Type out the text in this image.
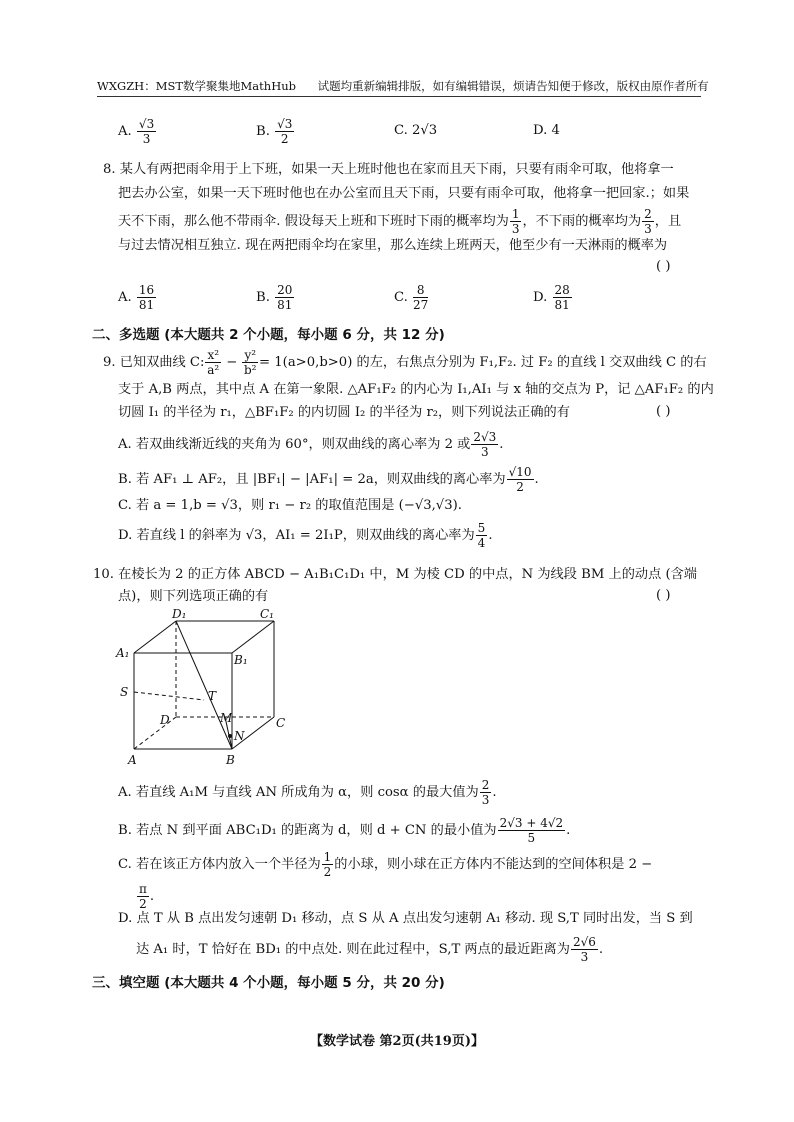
WXGZH：MST数学聚集地MathHub 试题均重新编辑排版，如有编辑错误，烦请告知便于修改，版权由原作者所有
A. $\frac{√3}{3}$	B. $\frac{√3}{2}$	C. 2√3	D. 4
8. 某人有两把雨伞用于上下班，如果一天上班时他也在家而且天下雨，只要有雨伞可取，他将拿一
把去办公室，如果一天下班时他也在办公室而且天下雨，只要有雨伞可取，他将拿一把回家.；如果
天不下雨，那么他不带雨伞. 假设每天上班和下班时下雨的概率均为 $\frac{1}{3}$ ，不下雨的概率均为 $\frac{2}{3}$ ，且
与过去情况相互独立. 现在两把雨伞均在家里，那么连续上班两天，他至少有一天淋雨的概率为
( )
A. $\frac{16}{81}$	B. $\frac{20}{81}$	C. $\frac{8}{27}$	D. $\frac{28}{81}$
二、多选题 (本大题共 2 个小题，每小题 6 分，共 12 分)
9. 已知双曲线 C: $\frac{\text{x²}}{\text{a²}} - \frac{\text{y²}}{\text{b²}} = 1(a>0,b>0)$ 的左，右焦点分别为 F₁,F₂. 过 F₂ 的直线 l 交双曲线 C 的右
支于 A,B 两点，其中点 A 在第一象限. △AF₁F₂ 的内心为 I₁,AI₁ 与 x 轴的交点为 P，记 △AF₁F₂ 的内
切圆 I₁ 的半径为 r₁，△BF₁F₂ 的内切圆 I₂ 的半径为 r₂，则下列说法正确的有	( )
A. 若双曲线渐近线的夹角为 60°，则双曲线的离心率为 2 或 $\frac{2√3}{3}$ .
B. 若 AF₁ ⊥ AF₂，且 |BF₁| − |AF₁| = 2a，则双曲线的离心率为 $\frac{√10}{2}$ .
C. 若 a = 1,b = √3，则 r₁ − r₂ 的取值范围是 (−√3,√3).
D. 若直线 l 的斜率为 √3，AI₁ = 2I₁P，则双曲线的离心率为 $\frac{5}{4}$ .
10. 在棱长为 2 的正方体 ABCD − A₁B₁C₁D₁ 中，M 为棱 CD 的中点，N 为线段 BM 上的动点 (含端
点)，则下列选项正确的有	( )
D₁	C₁
A₁	B₁
S	T
D	M	C
N
A	B
A. 若直线 A₁M 与直线 AN 所成角为 α，则 cosα 的最大值为 $\frac{2}{3}$ .
B. 若点 N 到平面 ABC₁D₁ 的距离为 d，则 d + CN 的最小值为 $\frac{2√3 + 4√2}{5}$ .
C. 若在该正方体内放入一个半径为 $\frac{1}{2}$ 的小球，则小球在正方体内不能达到的空间体积是 2 −
$\frac{\pi}{2}$ .
D. 点 T 从 B 点出发匀速朝 D₁ 移动，点 S 从 A 点出发匀速朝 A₁ 移动. 现 S,T 同时出发，当 S 到
达 A₁ 时，T 恰好在 BD₁ 的中点处. 则在此过程中，S,T 两点的最近距离为 $\frac{2√6}{3}$ .
三、填空题 (本大题共 4 个小题，每小题 5 分，共 20 分)
【数学试卷 第2页(共19页)】
